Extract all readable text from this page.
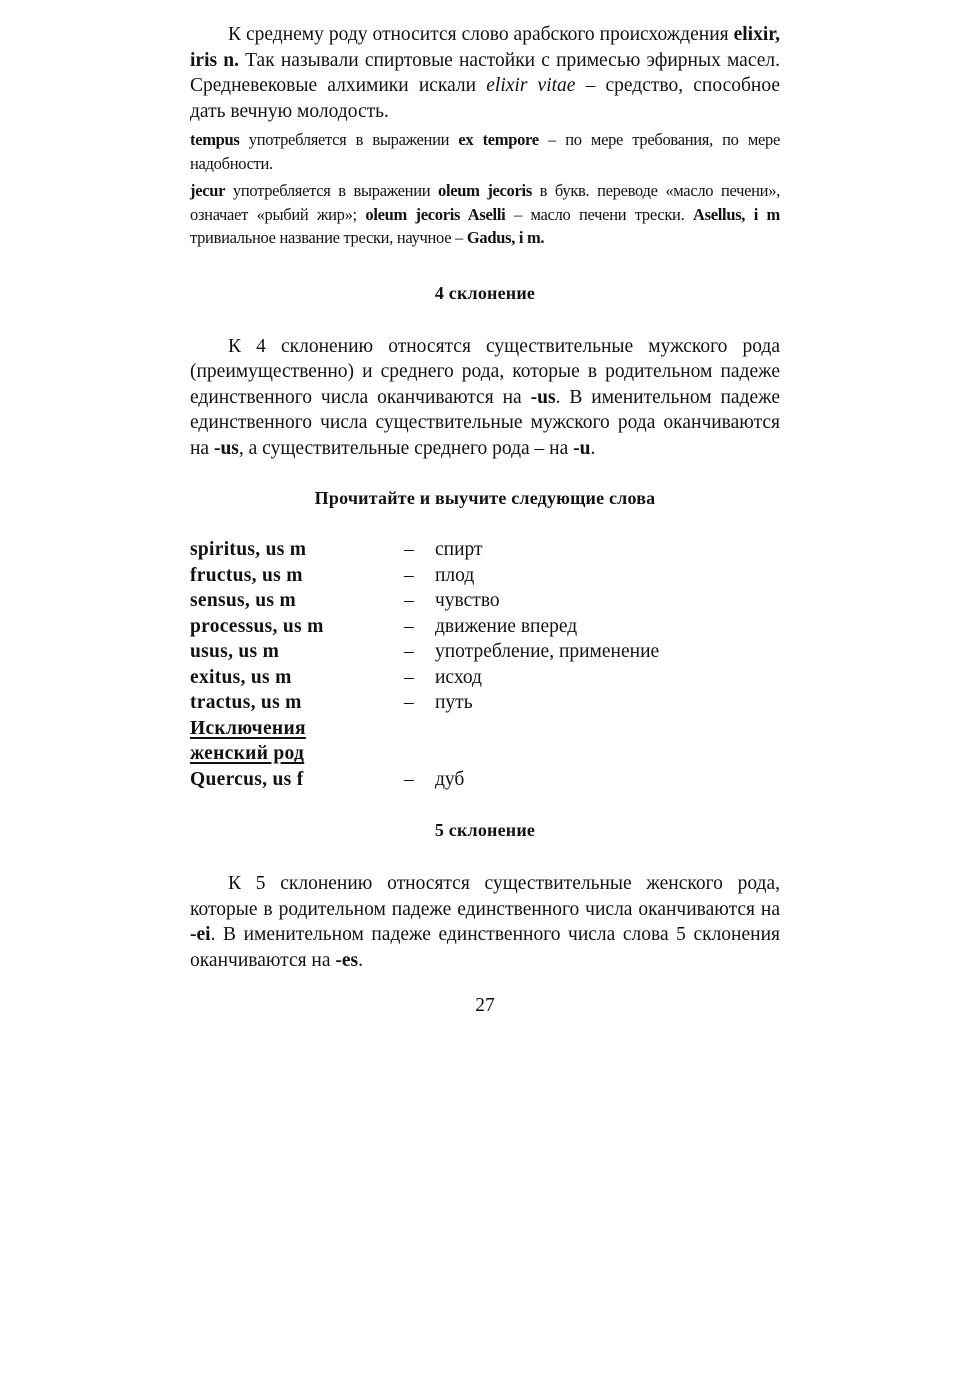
К среднему роду относится слово арабского происхождения elixir, iris n. Так называли спиртовые настойки с примесью эфирных масел. Средневековые алхимики искали elixir vitae – средство, способное дать вечную молодость.

tempus употребляется в выражении ex tempore – по мере требования, по мере надобности.

jecur употребляется в выражении oleum jecoris в букв. переводе «масло печени», означает «рыбий жир»; oleum jecoris Aselli – масло печени трески. Asellus, i m тривиальное название трески, научное – Gadus, i m.

4 склонение

К 4 склонению относятся существительные мужского рода (преимущественно) и среднего рода, которые в родительном падеже единственного числа оканчиваются на -us. В именительном падеже единственного числа существительные мужского рода оканчиваются на -us, а существительные среднего рода – на -u.

Прочитайте и выучите следующие слова
spiritus, us m	– спирт
fructus, us m	– плод
sensus, us m	– чувство
processus, us m	– движение вперед
usus, us m	– употребление, применение
exitus, us m	– исход
tractus, us m	– путь
Исключения
женский род
Quercus, us f	– дуб
5 склонение

К 5 склонению относятся существительные женского рода, которые в родительном падеже единственного числа оканчиваются на -ei. В именительном падеже единственного числа слова 5 склонения оканчиваются на -es.

27
